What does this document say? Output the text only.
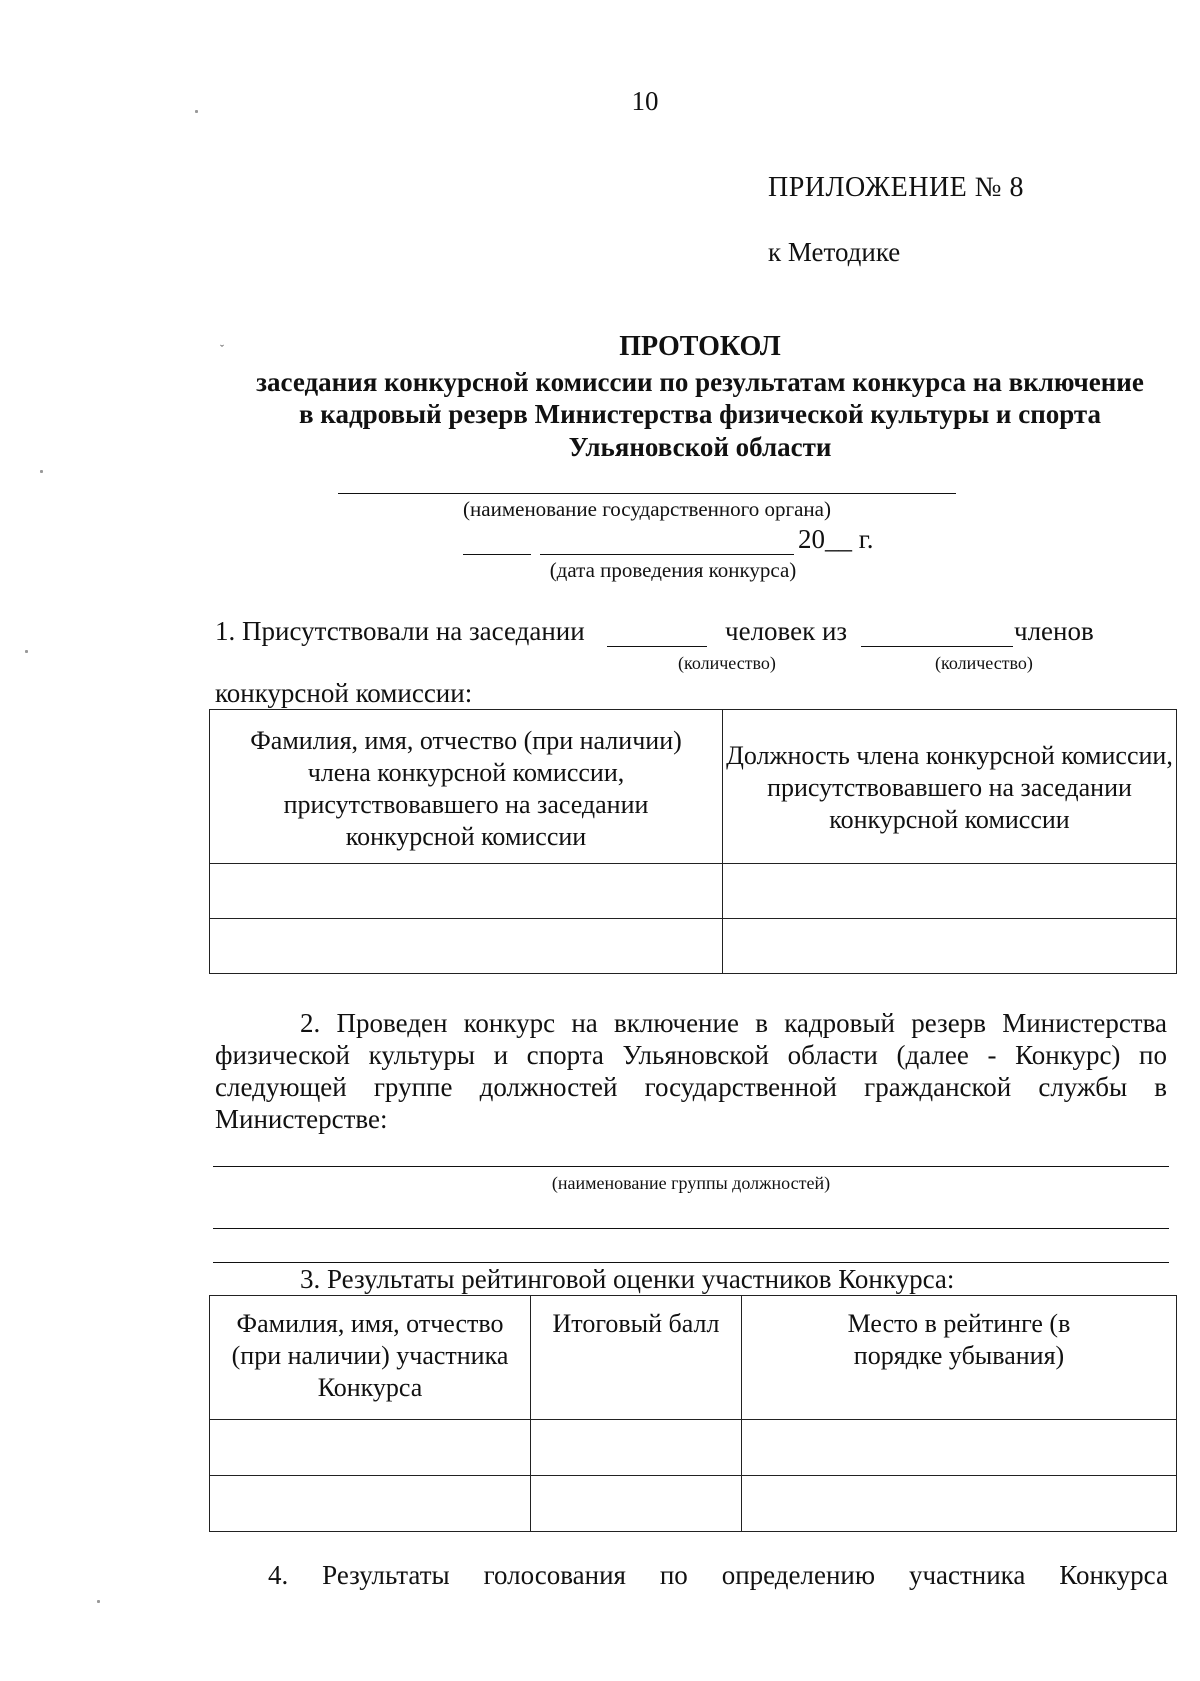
10
ПРИЛОЖЕНИЕ № 8
к Методике
ˇ	ПРОТОКОЛ
заседания конкурсной комиссии по результатам конкурса на включение
в кадровый резерв Министерства физической культуры и спорта
Ульяновской области
(наименование государственного органа)
20__ г.
(дата проведения конкурса)
1. Присутствовали на заседании	человек из	членов
(количество)	(количество)
конкурсной комиссии:
Фамилия, имя, отчество (при наличии) члена конкурсной комиссии, присутствовавшего на заседании конкурсной комиссии	Должность члена конкурсной комиссии, присутствовавшего на заседании конкурсной комиссии

2. Проведен конкурс на включение в кадровый резерв Министерства физической культуры и спорта Ульяновской области (далее - Конкурс) по следующей группе должностей государственной гражданской службы в Министерстве:
(наименование группы должностей)
3. Результаты рейтинговой оценки участников Конкурса:
Фамилия, имя, отчество (при наличии) участника Конкурса	Итоговый балл	Место в рейтинге (в порядке убывания)

4. Результаты голосования по определению участника Конкурса
